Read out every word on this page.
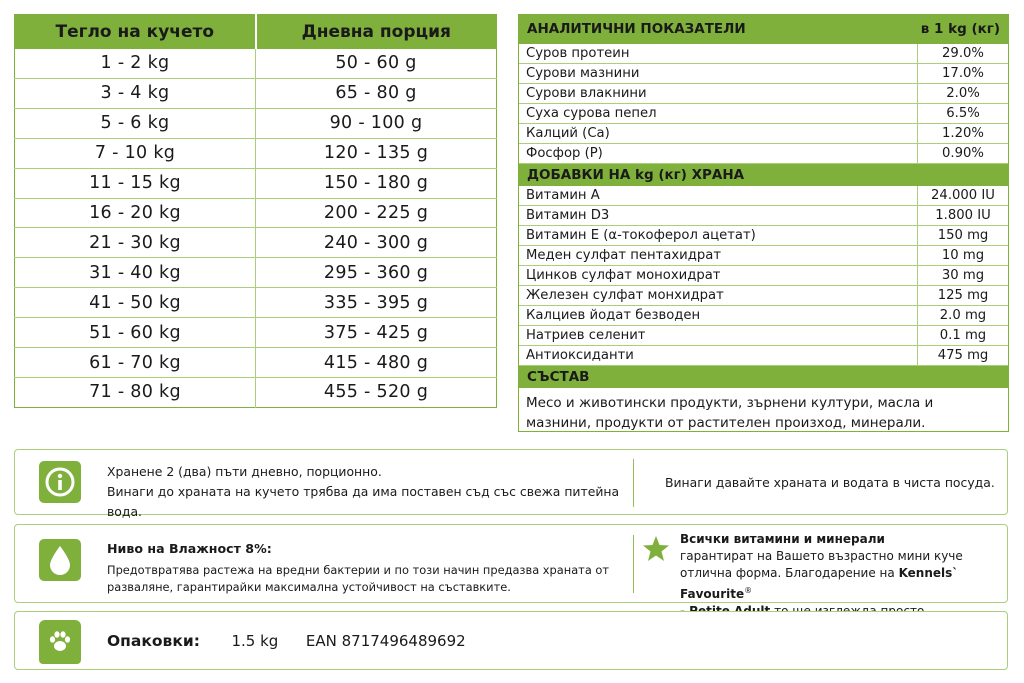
Тегло на кучето	Дневна порция
1 - 2 kg	50 - 60 g
3 - 4 kg	65 - 80 g
5 - 6 kg	90 - 100 g
7 - 10 kg	120 - 135 g
11 - 15 kg	150 - 180 g
16 - 20 kg	200 - 225 g
21 - 30 kg	240 - 300 g
31 - 40 kg	295 - 360 g
41 - 50 kg	335 - 395 g
51 - 60 kg	375 - 425 g
61 - 70 kg	415 - 480 g
71 - 80 kg	455 - 520 g
АНАЛИТИЧНИ ПОКАЗАТЕЛИ	в 1 kg (кг)
Суров протеин	29.0%
Сурови мазнини	17.0%
Сурови влакнини	2.0%
Суха сурова пепел	6.5%
Калций (Ca)	1.20%
Фосфор (P)	0.90%
ДОБАВКИ НА kg (кг) ХРАНА
Витамин A	24.000 IU
Витамин D3	1.800 IU
Витамин E (α-токоферол ацетат)	150 mg
Меден сулфат пентахидрат	10 mg
Цинков сулфат монохидрат	30 mg
Железен сулфат монхидрат	125 mg
Калциев йодат безводен	2.0 mg
Натриев селенит	0.1 mg
Антиоксиданти	475 mg
СЪСТАВ
Месо и животински продукти, зърнени култури, масла и мазнини, продукти от растителен произход, минерали.
Хранене 2 (два) пъти дневно, порционно.
Винаги до храната на кучето трябва да има поставен съд със свежа питейна вода.
Винаги давайте храната и водата в чиста посуда.
Ниво на Влажност 8%:
Предотвратява растежа на вредни бактерии и по този начин предазва храната от разваляне, гарантирайки максимална устойчивост на съставките.
Всички витамини и минерали
гарантират на Вашето възрастно мини куче
отлична форма. Благодарение на Kennels` Favourite®
Опаковки: 1.5 kg EAN 8717496489692
